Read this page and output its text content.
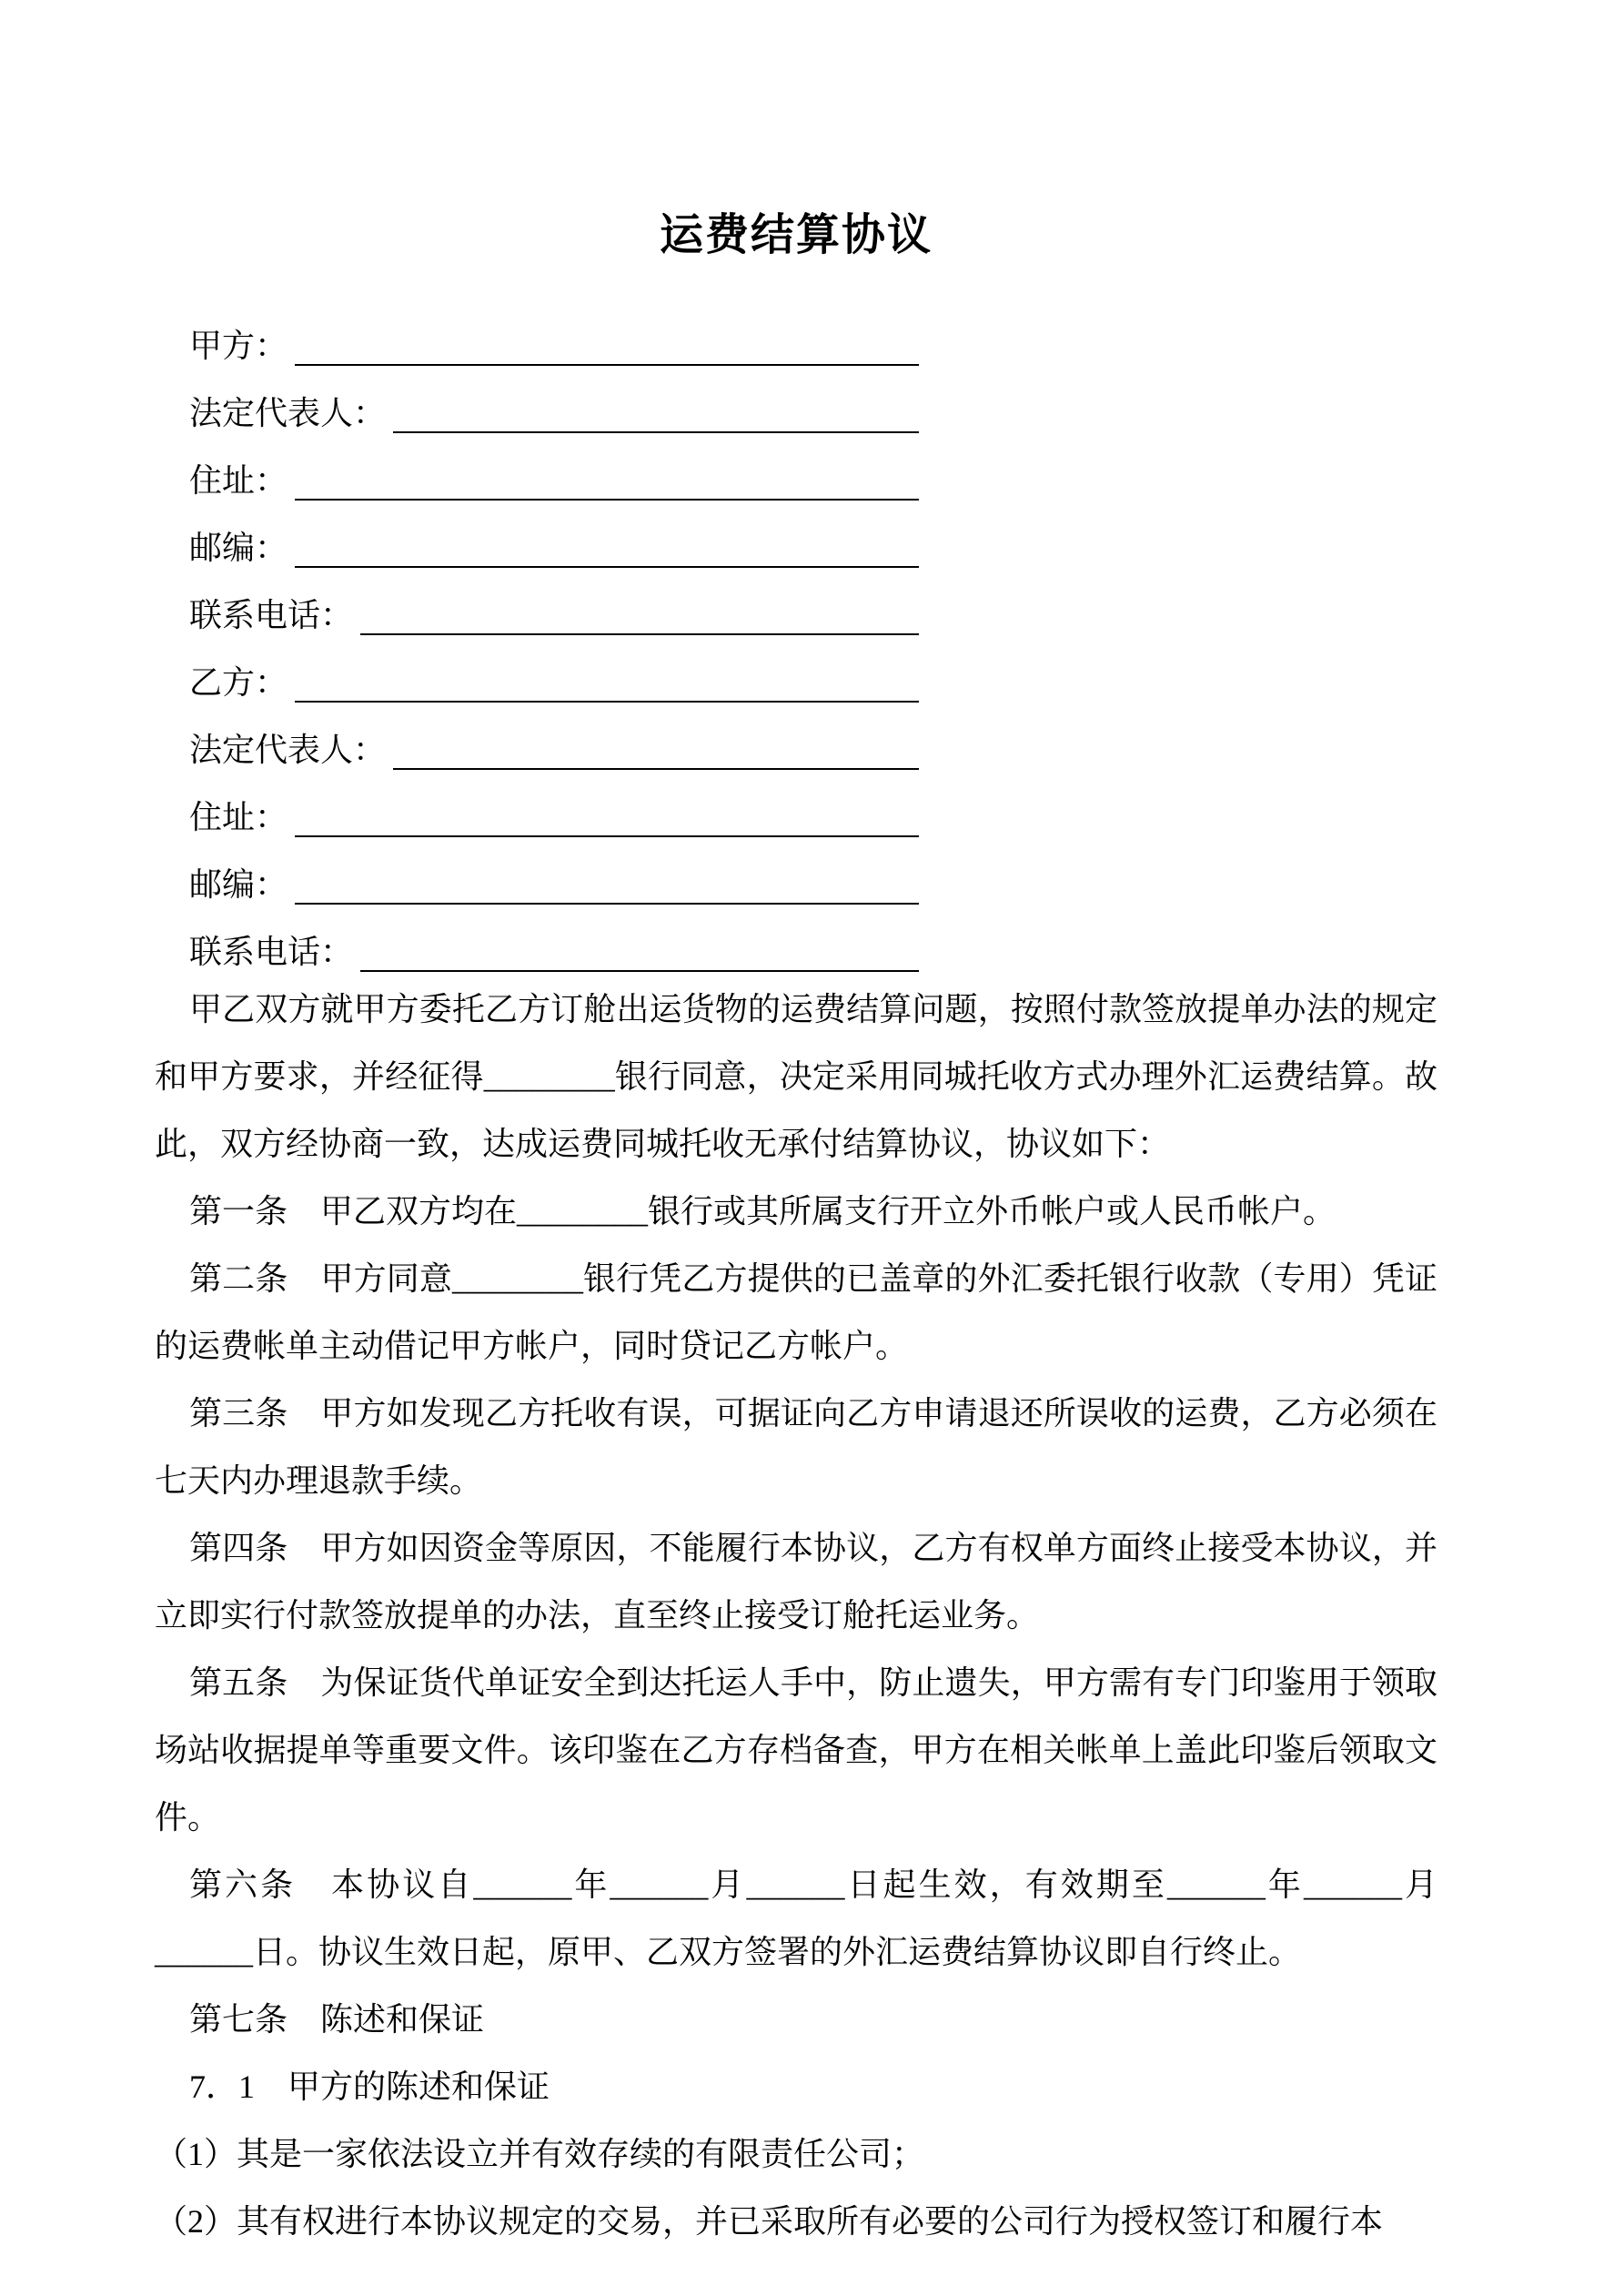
运费结算协议
甲方：
法定代表人：
住址：
邮编：
联系电话：
乙方：
法定代表人：
住址：
邮编：
联系电话：

甲乙双方就甲方委托乙方订舱出运货物的运费结算问题，按照付款签放提单办法的规定和甲方要求，并经征得________银行同意，决定采用同城托收方式办理外汇运费结算。故此，双方经协商一致，达成运费同城托收无承付结算协议，协议如下：

第一条　甲乙双方均在________银行或其所属支行开立外币帐户或人民币帐户。

第二条　甲方同意________银行凭乙方提供的已盖章的外汇委托银行收款（专用）凭证的运费帐单主动借记甲方帐户，同时贷记乙方帐户。

第三条　甲方如发现乙方托收有误，可据证向乙方申请退还所误收的运费，乙方必须在七天内办理退款手续。

第四条　甲方如因资金等原因，不能履行本协议，乙方有权单方面终止接受本协议，并立即实行付款签放提单的办法，直至终止接受订舱托运业务。

第五条　为保证货代单证安全到达托运人手中，防止遗失，甲方需有专门印鉴用于领取场站收据提单等重要文件。该印鉴在乙方存档备查，甲方在相关帐单上盖此印鉴后领取文件。

第六条　本协议自______年______月______日起生效，有效期至______年______月______日。协议生效日起，原甲、乙双方签署的外汇运费结算协议即自行终止。

第七条　陈述和保证

7．1　甲方的陈述和保证

（1）其是一家依法设立并有效存续的有限责任公司；

（2）其有权进行本协议规定的交易，并已采取所有必要的公司行为授权签订和履行本
